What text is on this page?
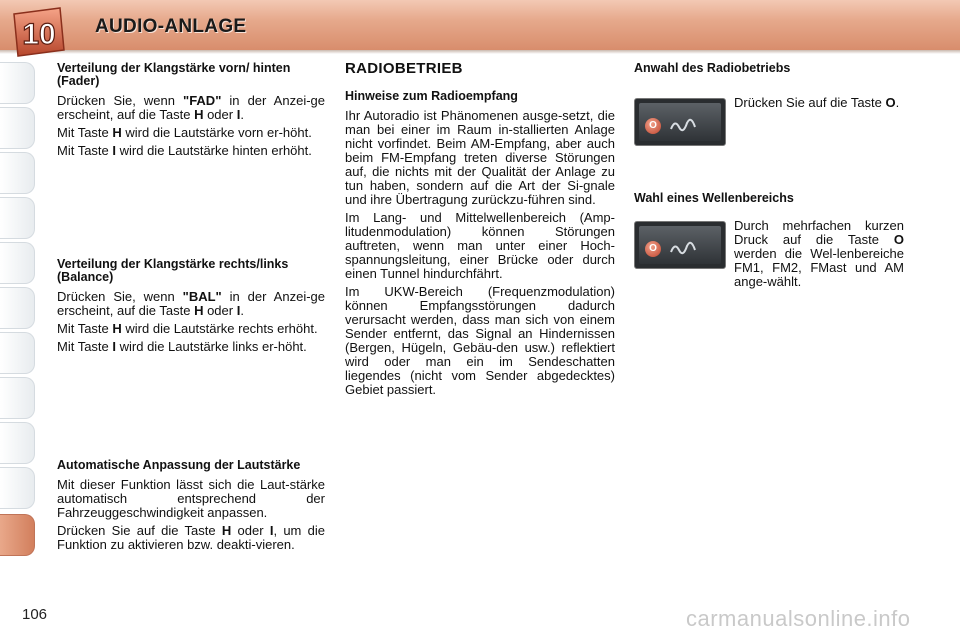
10 AUDIO-ANLAGE
Verteilung der Klangstärke vorn/ hinten (Fader)

Drücken Sie, wenn "FAD" in der Anzei-ge erscheint, auf die Taste H oder I.

Mit Taste H wird die Lautstärke vorn er-höht.

Mit Taste I wird die Lautstärke hinten erhöht.

Verteilung der Klangstärke rechts/links (Balance)

Drücken Sie, wenn "BAL" in der Anzei-ge erscheint, auf die Taste H oder I.

Mit Taste H wird die Lautstärke rechts erhöht.

Mit Taste I wird die Lautstärke links er-höht.

Automatische Anpassung der Lautstärke

Mit dieser Funktion lässt sich die Laut-stärke automatisch entsprechend der Fahrzeuggeschwindigkeit anpassen.

Drücken Sie auf die Taste H oder I, um die Funktion zu aktivieren bzw. deakti-vieren.

RADIOBETRIEB
Hinweise zum Radioempfang

Ihr Autoradio ist Phänomenen ausge-setzt, die man bei einer im Raum in-stallierten Anlage nicht vorfindet. Beim AM-Empfang, aber auch beim FM-Empfang treten diverse Störungen auf, die nichts mit der Qualität der Anlage zu tun haben, sondern auf die Art der Si-gnale und ihre Übertragung zurückzu-führen sind.

Im Lang- und Mittelwellenbereich (Amp-litudenmodulation) können Störungen auftreten, wenn man unter einer Hoch-spannungsleitung, einer Brücke oder durch einen Tunnel hindurchfährt.

Im UKW-Bereich (Frequenzmodulation) können Empfangsstörungen dadurch verursacht werden, dass man sich von einem Sender entfernt, das Signal an Hindernissen (Bergen, Hügeln, Gebäu-den usw.) reflektiert wird oder man ein im Sendeschatten liegendes (nicht vom Sender abgedecktes) Gebiet passiert.

Anwahl des Radiobetriebs
O

Drücken Sie auf die Taste O.

Wahl eines Wellenbereichs
O

Durch mehrfachen kurzen Druck auf die Taste O werden die Wel-lenbereiche FM1, FM2, FMast und AM ange-wählt.

106	carmanualsonline.info
